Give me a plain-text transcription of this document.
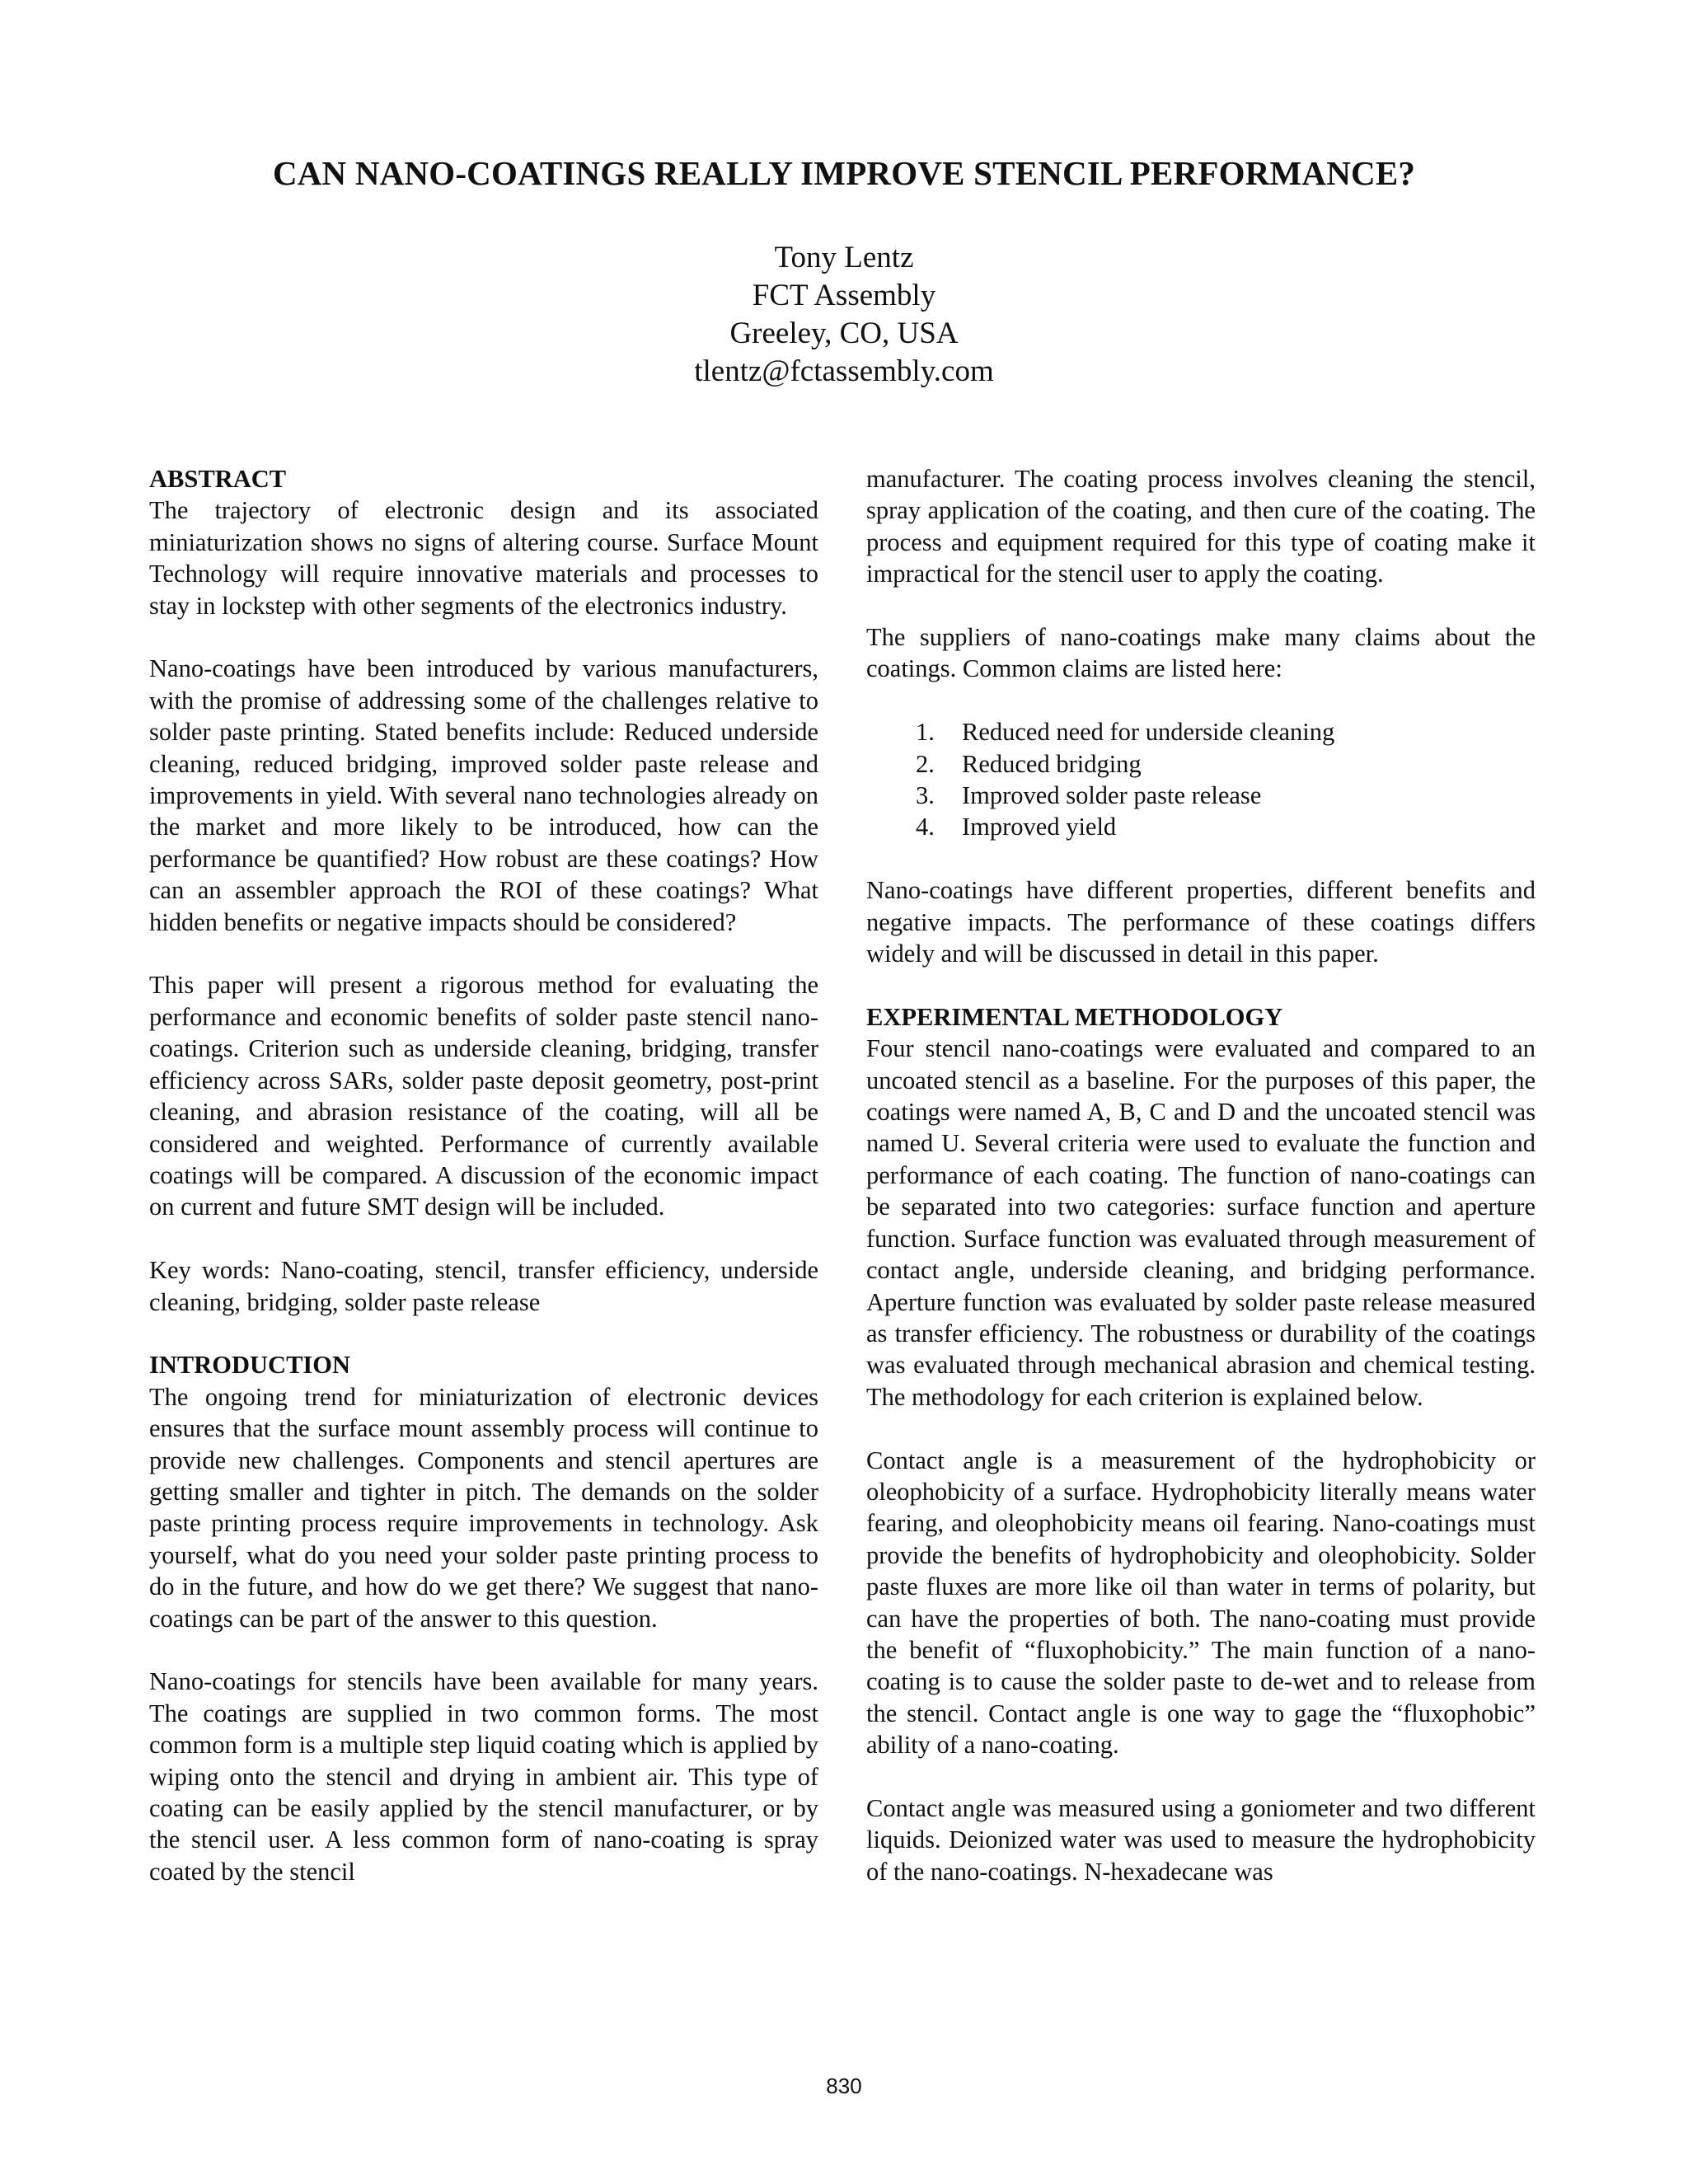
CAN NANO-COATINGS REALLY IMPROVE STENCIL PERFORMANCE?
Tony Lentz
FCT Assembly
Greeley, CO, USA
tlentz@fctassembly.com
ABSTRACT

The trajectory of electronic design and its associated miniaturization shows no signs of altering course. Surface Mount Technology will require innovative materials and processes to stay in lockstep with other segments of the electronics industry.

Nano-coatings have been introduced by various manufacturers, with the promise of addressing some of the challenges relative to solder paste printing. Stated benefits include: Reduced underside cleaning, reduced bridging, improved solder paste release and improvements in yield. With several nano technologies already on the market and more likely to be introduced, how can the performance be quantified? How robust are these coatings? How can an assembler approach the ROI of these coatings? What hidden benefits or negative impacts should be considered?

This paper will present a rigorous method for evaluating the performance and economic benefits of solder paste stencil nano-coatings. Criterion such as underside cleaning, bridging, transfer efficiency across SARs, solder paste deposit geometry, post-print cleaning, and abrasion resistance of the coating, will all be considered and weighted. Performance of currently available coatings will be compared. A discussion of the economic impact on current and future SMT design will be included.

Key words: Nano-coating, stencil, transfer efficiency, underside cleaning, bridging, solder paste release

INTRODUCTION

The ongoing trend for miniaturization of electronic devices ensures that the surface mount assembly process will continue to provide new challenges. Components and stencil apertures are getting smaller and tighter in pitch. The demands on the solder paste printing process require improvements in technology. Ask yourself, what do you need your solder paste printing process to do in the future, and how do we get there? We suggest that nano-coatings can be part of the answer to this question.

Nano-coatings for stencils have been available for many years. The coatings are supplied in two common forms. The most common form is a multiple step liquid coating which is applied by wiping onto the stencil and drying in ambient air. This type of coating can be easily applied by the stencil manufacturer, or by the stencil user. A less common form of nano-coating is spray coated by the stencil

manufacturer. The coating process involves cleaning the stencil, spray application of the coating, and then cure of the coating. The process and equipment required for this type of coating make it impractical for the stencil user to apply the coating.

The suppliers of nano-coatings make many claims about the coatings. Common claims are listed here:

1.	Reduced need for underside cleaning
2.	Reduced bridging
3.	Improved solder paste release
4.	Improved yield

Nano-coatings have different properties, different benefits and negative impacts. The performance of these coatings differs widely and will be discussed in detail in this paper.

EXPERIMENTAL METHODOLOGY

Four stencil nano-coatings were evaluated and compared to an uncoated stencil as a baseline. For the purposes of this paper, the coatings were named A, B, C and D and the uncoated stencil was named U. Several criteria were used to evaluate the function and performance of each coating. The function of nano-coatings can be separated into two categories: surface function and aperture function. Surface function was evaluated through measurement of contact angle, underside cleaning, and bridging performance. Aperture function was evaluated by solder paste release measured as transfer efficiency. The robustness or durability of the coatings was evaluated through mechanical abrasion and chemical testing. The methodology for each criterion is explained below.

Contact angle is a measurement of the hydrophobicity or oleophobicity of a surface. Hydrophobicity literally means water fearing, and oleophobicity means oil fearing. Nano-coatings must provide the benefits of hydrophobicity and oleophobicity. Solder paste fluxes are more like oil than water in terms of polarity, but can have the properties of both. The nano-coating must provide the benefit of “fluxophobicity.” The main function of a nano-coating is to cause the solder paste to de-wet and to release from the stencil. Contact angle is one way to gage the “fluxophobic” ability of a nano-coating.

Contact angle was measured using a goniometer and two different liquids. Deionized water was used to measure the hydrophobicity of the nano-coatings. N-hexadecane was

830
